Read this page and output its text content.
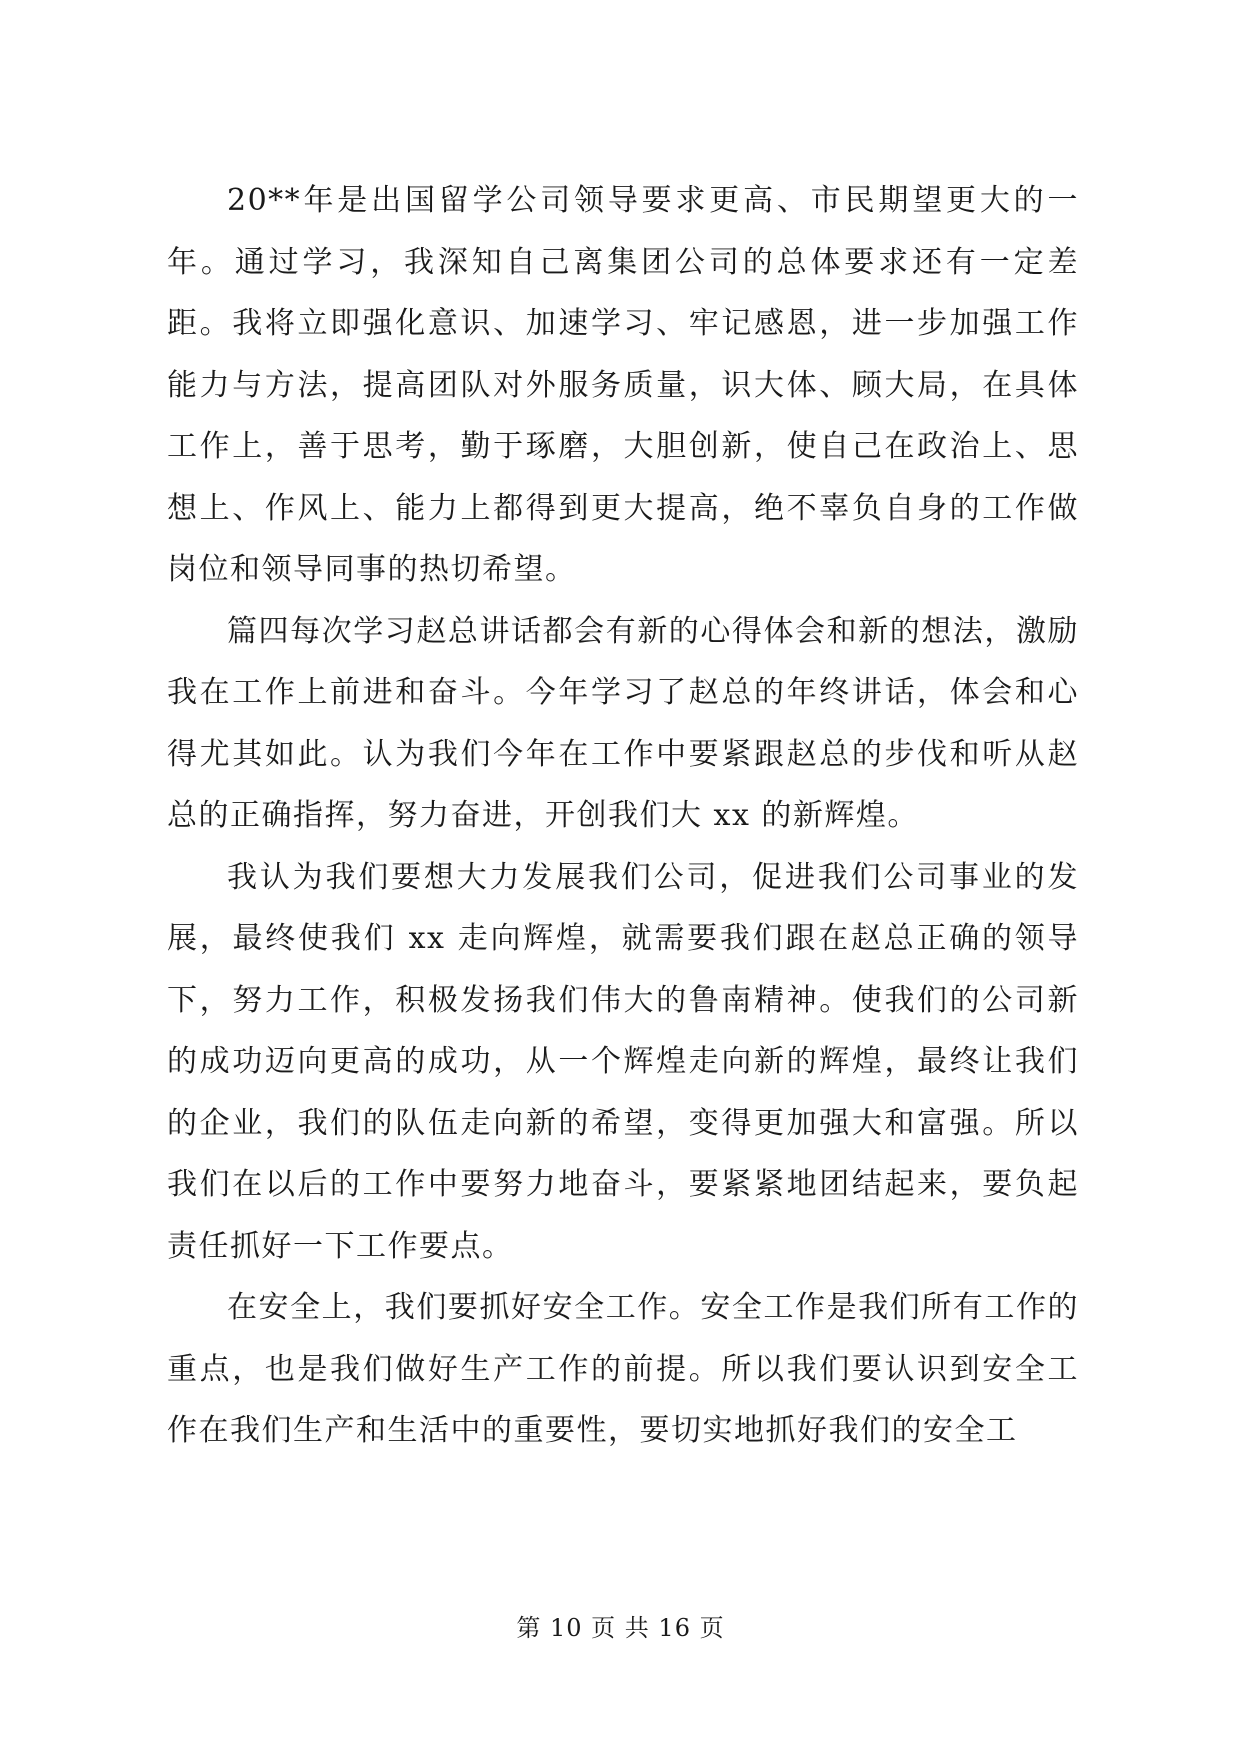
20**年是出国留学公司领导要求更高、市民期望更大的一年。通过学习，我深知自己离集团公司的总体要求还有一定差距。我将立即强化意识、加速学习、牢记感恩，进一步加强工作能力与方法，提高团队对外服务质量，识大体、顾大局，在具体工作上，善于思考，勤于琢磨，大胆创新，使自己在政治上、思想上、作风上、能力上都得到更大提高，绝不辜负自身的工作做岗位和领导同事的热切希望。

篇四每次学习赵总讲话都会有新的心得体会和新的想法，激励我在工作上前进和奋斗。今年学习了赵总的年终讲话，体会和心得尤其如此。认为我们今年在工作中要紧跟赵总的步伐和听从赵总的正确指挥，努力奋进，开创我们大 xx 的新辉煌。

我认为我们要想大力发展我们公司，促进我们公司事业的发展，最终使我们 xx 走向辉煌，就需要我们跟在赵总正确的领导下，努力工作，积极发扬我们伟大的鲁南精神。使我们的公司新的成功迈向更高的成功，从一个辉煌走向新的辉煌，最终让我们的企业，我们的队伍走向新的希望，变得更加强大和富强。所以我们在以后的工作中要努力地奋斗，要紧紧地团结起来，要负起责任抓好一下工作要点。

在安全上，我们要抓好安全工作。安全工作是我们所有工作的重点，也是我们做好生产工作的前提。所以我们要认识到安全工作在我们生产和生活中的重要性，要切实地抓好我们的安全工

第 10 页 共 16 页
